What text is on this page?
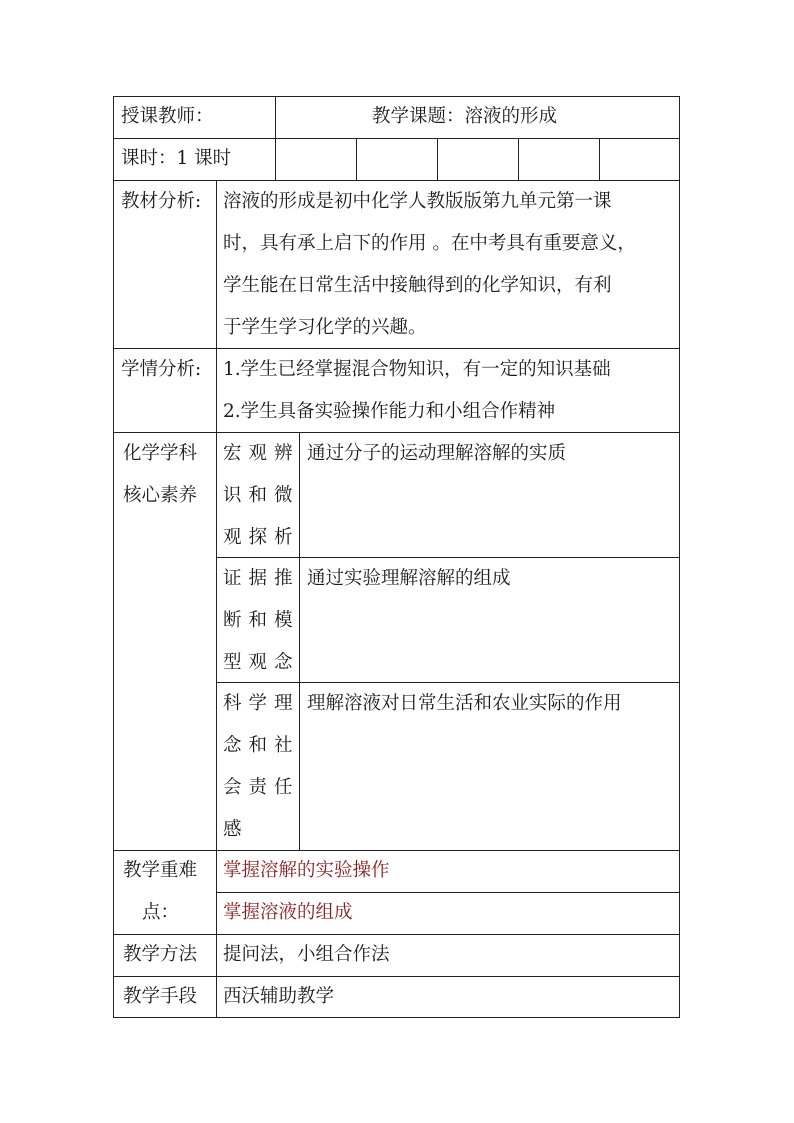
授课教师：	教学课题：溶液的形成
课时：1 课时
教材分析: 溶液的形成是初中化学人教版版第九单元第一课
时，具有承上启下的作用 。在中考具有重要意义，
学生能在日常生活中接触得到的化学知识，有利
于学生学习化学的兴趣。
学情分析: 1.学生已经掌握混合物知识，有一定的知识基础
2.学生具备实验操作能力和小组合作精神
化学学科
核心素养
宏观辨
识和微
观探析
通过分子的运动理解溶解的实质
证据推
断和模
型观念
通过实验理解溶解的组成
科学理
念和社
会责任
感
理解溶液对日常生活和农业实际的作用
教学重难
点：
掌握溶解的实验操作
掌握溶液的组成
教学方法 提问法，小组合作法
教学手段 西沃辅助教学
